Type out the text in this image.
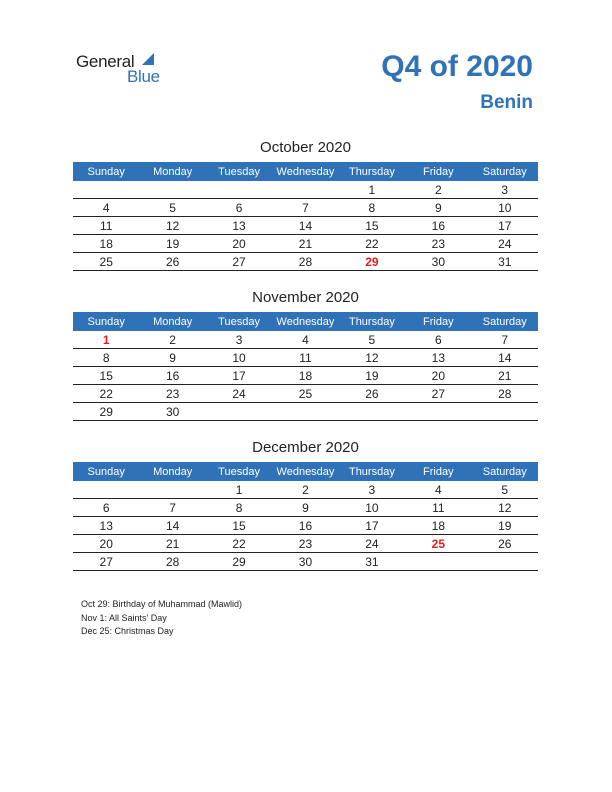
General
Blue	Q4 of 2020
Benin
October 2020
Sunday	Monday	Tuesday	Wednesday	Thursday	Friday	Saturday
				1	2	3
4	5	6	7	8	9	10
11	12	13	14	15	16	17
18	19	20	21	22	23	24
25	26	27	28	29	30	31
November 2020
Sunday	Monday	Tuesday	Wednesday	Thursday	Friday	Saturday
1	2	3	4	5	6	7
8	9	10	11	12	13	14
15	16	17	18	19	20	21
22	23	24	25	26	27	28
29	30					
December 2020
Sunday	Monday	Tuesday	Wednesday	Thursday	Friday	Saturday
		1	2	3	4	5
6	7	8	9	10	11	12
13	14	15	16	17	18	19
20	21	22	23	24	25	26
27	28	29	30	31		
Oct 29: Birthday of Muhammad (Mawlid)
Nov 1: All Saints’ Day
Dec 25: Christmas Day
